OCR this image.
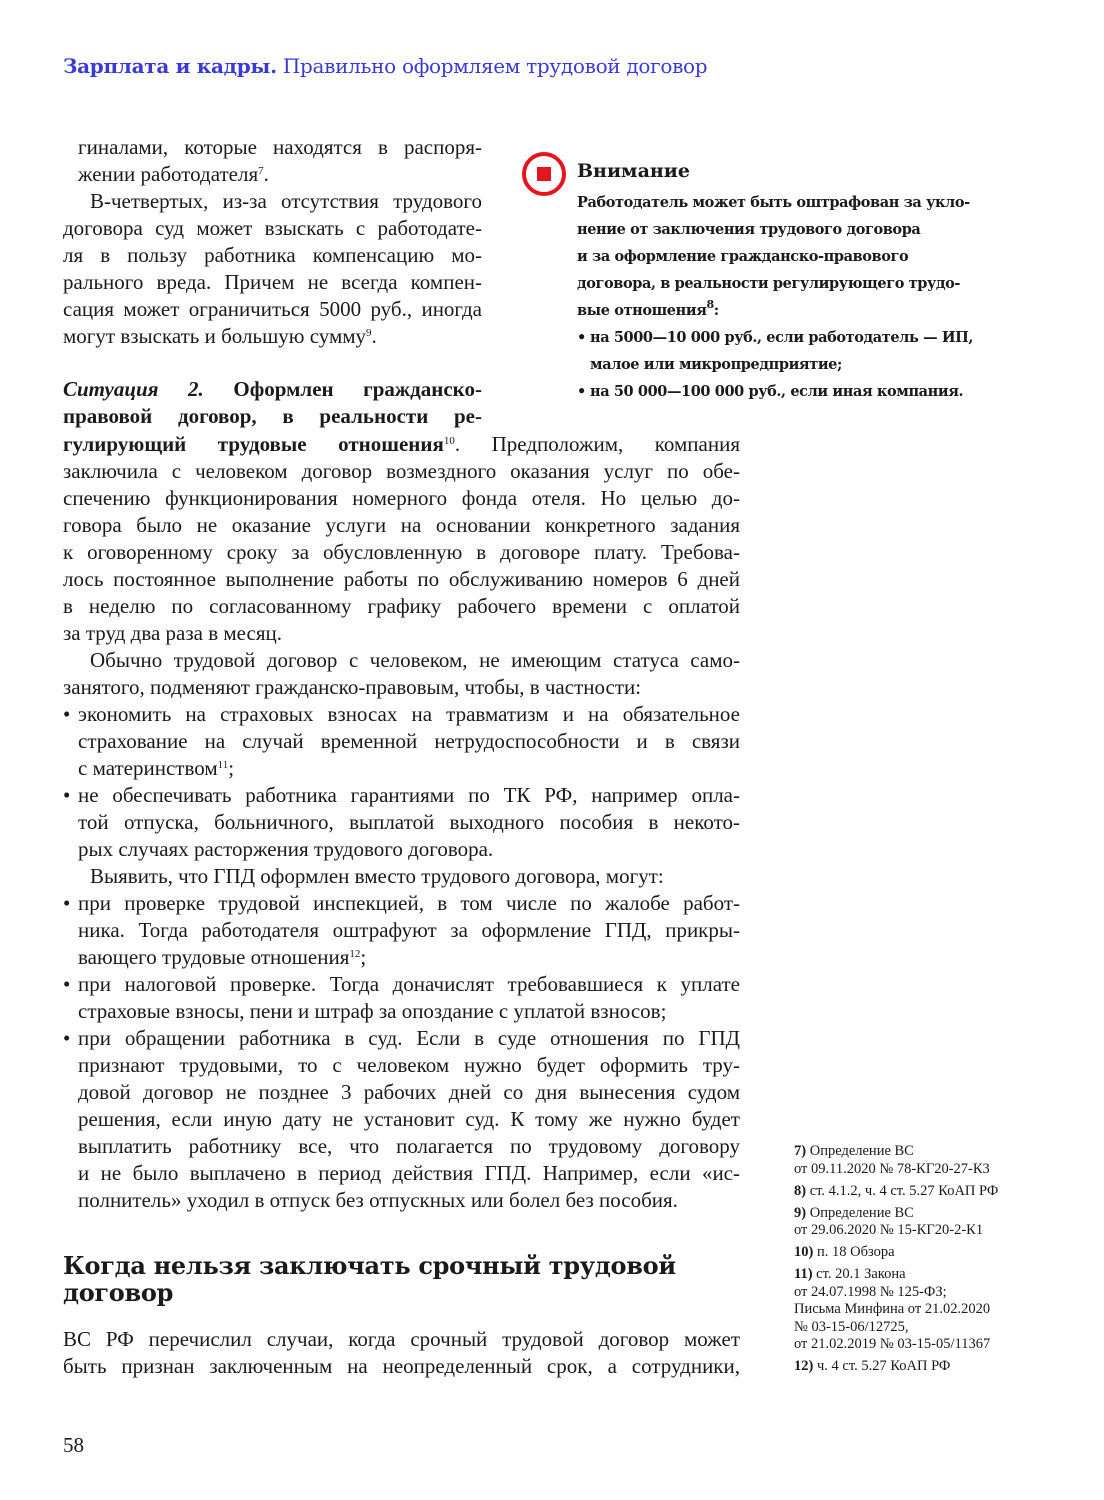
Зарплата и кадры. Правильно оформляем трудовой договор
гиналами, которые находятся в распоря-
жении работодателя$^7$.
В-четвертых, из-за отсутствия трудового
договора суд может взыскать с работодате-
ля в пользу работника компенсацию мо-
рального вреда. Причем не всегда компен-
сация может ограничиться 5000 руб., иногда
могут взыскать и большую сумму$^9$.
Ситуация 2. Оформлен гражданско-
правовой договор, в реальности ре-
гулирующий трудовые отношения$^{10}$. Предположим, компания
заключила с человеком договор возмездного оказания услуг по обе-
спечению функционирования номерного фонда отеля. Но целью до-
говора было не оказание услуги на основании конкретного задания
к оговоренному сроку за обусловленную в договоре плату. Требова-
лось постоянное выполнение работы по обслуживанию номеров 6 дней
в неделю по согласованному графику рабочего времени с оплатой
за труд два раза в месяц.
Обычно трудовой договор с человеком, не имеющим статуса само-
занятого, подменяют гражданско-правовым, чтобы, в частности:
• экономить на страховых взносах на травматизм и на обязательное
страхование на случай временной нетрудоспособности и в связи
с материнством$^{11}$;
• не обеспечивать работника гарантиями по ТК РФ, например опла-
той отпуска, больничного, выплатой выходного пособия в некото-
рых случаях расторжения трудового договора.
Выявить, что ГПД оформлен вместо трудового договора, могут:
• при проверке трудовой инспекцией, в том числе по жалобе работ-
ника. Тогда работодателя оштрафуют за оформление ГПД, прикры-
вающего трудовые отношения$^{12}$;
• при налоговой проверке. Тогда доначислят требовавшиеся к уплате
страховые взносы, пени и штраф за опоздание с уплатой взносов;
• при обращении работника в суд. Если в суде отношения по ГПД
признают трудовыми, то с человеком нужно будет оформить тру-
довой договор не позднее 3 рабочих дней со дня вынесения судом
решения, если иную дату не установит суд. К тому же нужно будет
выплатить работнику все, что полагается по трудовому договору
и не было выплачено в период действия ГПД. Например, если «ис-
полнитель» уходил в отпуск без отпускных или болел без пособия.
Внимание
Работодатель может быть оштрафован за укло-
нение от заключения трудового договора
и за оформление гражданско-правового
договора, в реальности регулирующего трудо-
вые отношения$^8$:
• на 5000—10 000 руб., если работодатель — ИП,
малое или микропредприятие;
• на 50 000—100 000 руб., если иная компания.
Когда нельзя заключать срочный трудовой
договор
ВС РФ перечислил случаи, когда срочный трудовой договор может
быть признан заключенным на неопределенный срок, а сотрудники,
7) Определение ВС
от 09.11.2020 № 78-КГ20-27-К3
8) ст. 4.1.2, ч. 4 ст. 5.27 КоАП РФ
9) Определение ВС
от 29.06.2020 № 15-КГ20-2-К1
10) п. 18 Обзора
11) ст. 20.1 Закона
от 24.07.1998 № 125-ФЗ;
Письма Минфина от 21.02.2020
№ 03-15-06/12725,
от 21.02.2019 № 03-15-05/11367
12) ч. 4 ст. 5.27 КоАП РФ
58
